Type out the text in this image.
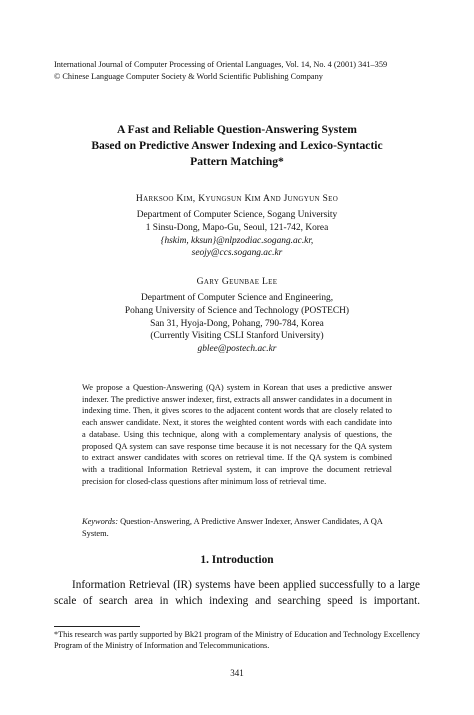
International Journal of Computer Processing of Oriental Languages, Vol. 14, No. 4 (2001) 341–359
© Chinese Language Computer Society & World Scientific Publishing Company
A Fast and Reliable Question-Answering System
Based on Predictive Answer Indexing and Lexico-Syntactic
Pattern Matching*
Harksoo Kim, Kyungsun Kim And Jungyun Seo
Department of Computer Science, Sogang University
1 Sinsu-Dong, Mapo-Gu, Seoul, 121-742, Korea
{hskim, kksun}@nlpzodiac.sogang.ac.kr,
seojy@ccs.sogang.ac.kr
Gary Geunbae Lee
Department of Computer Science and Engineering,
Pohang University of Science and Technology (POSTECH)
San 31, Hyoja-Dong, Pohang, 790-784, Korea
(Currently Visiting CSLI Stanford University)
gblee@postech.ac.kr
We propose a Question-Answering (QA) system in Korean that uses a predictive answer indexer. The predictive answer indexer, first, extracts all answer candidates in a document in indexing time. Then, it gives scores to the adjacent content words that are closely related to each answer candidate. Next, it stores the weighted content words with each candidate into a database. Using this technique, along with a complementary analysis of questions, the proposed QA system can save response time because it is not necessary for the QA system to extract answer candidates with scores on retrieval time. If the QA system is combined with a traditional Information Retrieval system, it can improve the document retrieval precision for closed-class questions after minimum loss of retrieval time.
Keywords: Question-Answering, A Predictive Answer Indexer, Answer Candidates, A QA System.
1. Introduction
Information Retrieval (IR) systems have been applied successfully to a large
scale of search area in which indexing and searching speed is important.
*This research was partly supported by Bk21 program of the Ministry of Education and Technology Excellency Program of the Ministry of Information and Telecommunications.
341
